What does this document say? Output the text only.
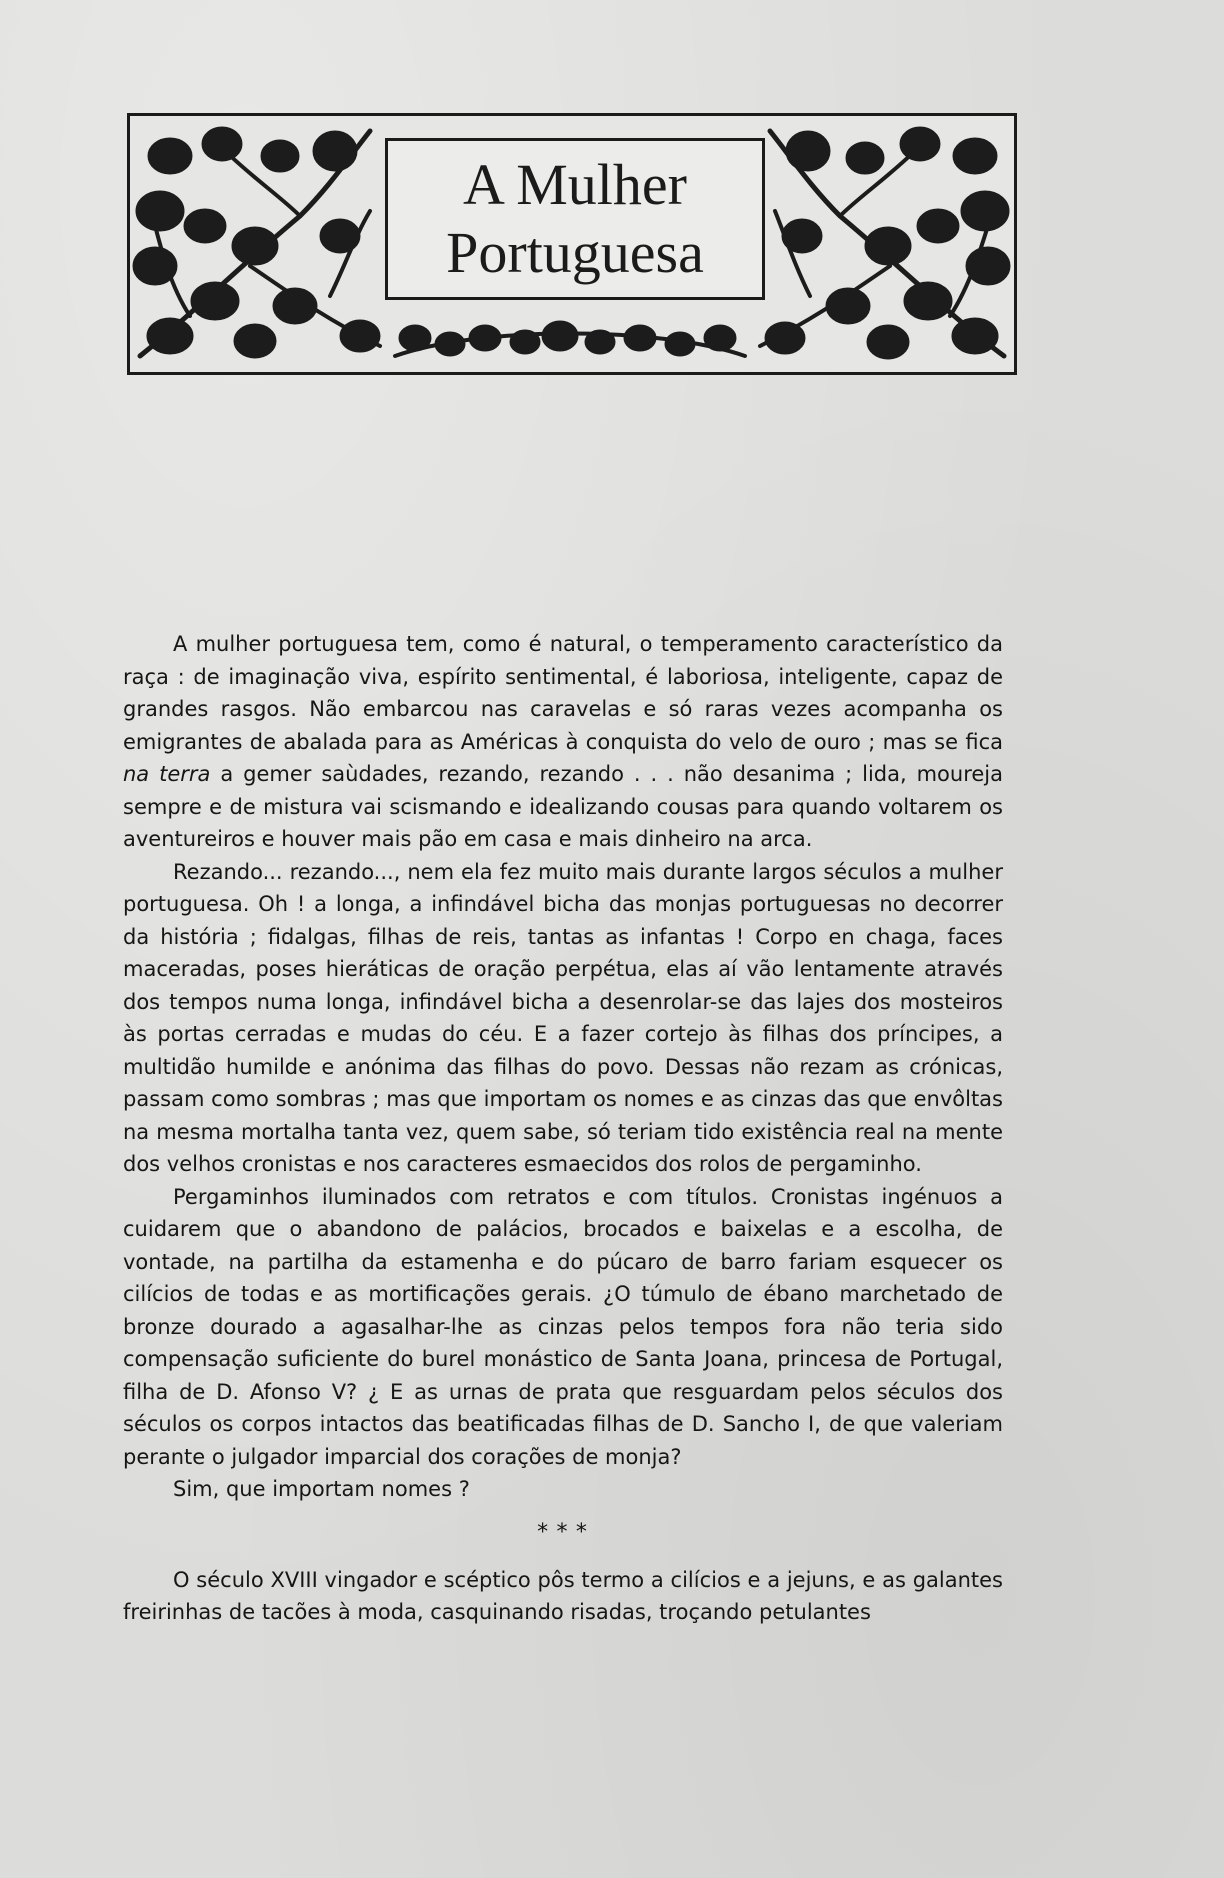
A Mulher
Portuguesa

A mulher portuguesa tem, como é natural, o temperamento característico da raça : de imaginação viva, espírito sentimental, é laboriosa, inteligente, capaz de grandes rasgos. Não embarcou nas caravelas e só raras vezes acompanha os emigrantes de abalada para as Américas à conquista do velo de ouro ; mas se fica na terra a gemer saùdades, rezando, rezando . . . não desanima ; lida, moureja sempre e de mistura vai scismando e idealizando cousas para quando voltarem os aventureiros e houver mais pão em casa e mais dinheiro na arca.

Rezando... rezando..., nem ela fez muito mais durante largos séculos a mulher portuguesa. Oh ! a longa, a infindável bicha das monjas portuguesas no decorrer da história ; fidalgas, filhas de reis, tantas as infantas ! Corpo en chaga, faces maceradas, poses hieráticas de oração perpétua, elas aí vão lentamente através dos tempos numa longa, infindável bicha a desenrolar-se das lajes dos mosteiros às portas cerradas e mudas do céu. E a fazer cortejo às filhas dos príncipes, a multidão humilde e anónima das filhas do povo. Dessas não rezam as crónicas, passam como sombras ; mas que importam os nomes e as cinzas das que envôltas na mesma mortalha tanta vez, quem sabe, só teriam tido existência real na mente dos velhos cronistas e nos caracteres esmaecidos dos rolos de pergaminho.

Pergaminhos iluminados com retratos e com títulos. Cronistas ingénuos a cuidarem que o abandono de palácios, brocados e baixelas e a escolha, de vontade, na partilha da estamenha e do púcaro de barro fariam esquecer os cilícios de todas e as mortificações gerais. ¿O túmulo de ébano marchetado de bronze dourado a agasalhar-lhe as cinzas pelos tempos fora não teria sido compensação suficiente do burel monástico de Santa Joana, princesa de Portugal, filha de D. Afonso V? ¿ E as urnas de prata que resguardam pelos séculos dos séculos os corpos intactos das beatificadas filhas de D. Sancho I, de que valeriam perante o julgador imparcial dos corações de monja?

Sim, que importam nomes ?

* * *

O século XVIII vingador e scéptico pôs termo a cilícios e a jejuns, e as galantes freirinhas de tacões à moda, casquinando risadas, troçando petulantes
